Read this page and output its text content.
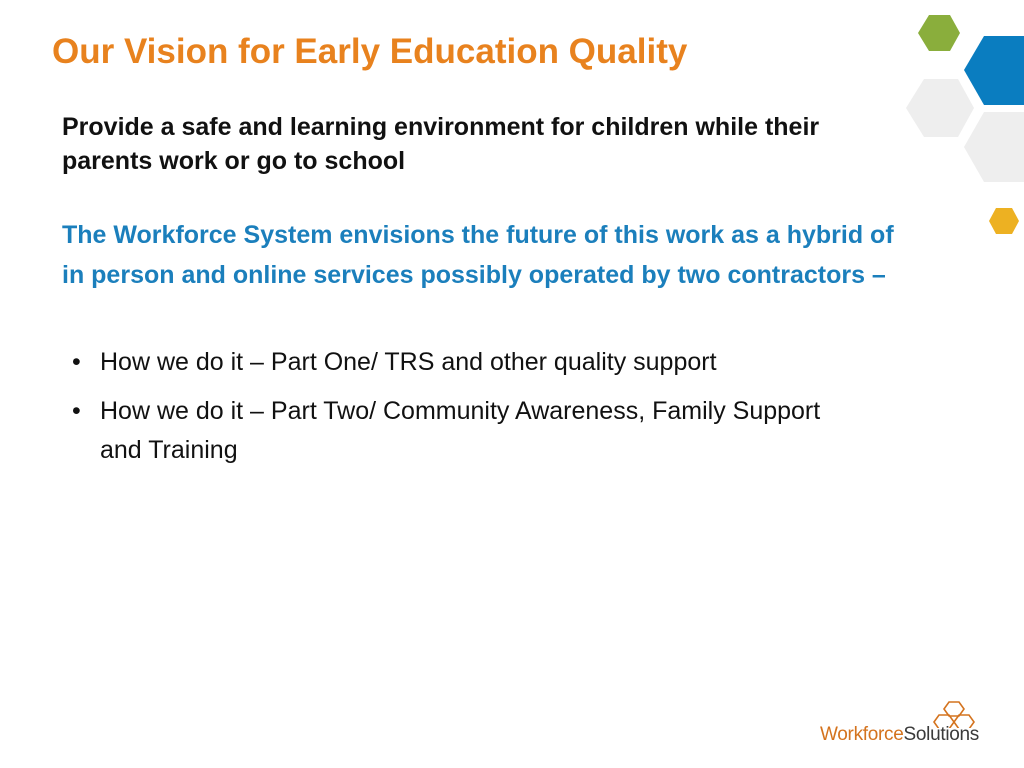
Our Vision for Early Education Quality

Provide a safe and learning environment for children while their parents work or go to school

The Workforce System envisions the future of this work as a hybrid of in person and online services possibly operated by two contractors –

• How we do it – Part One/ TRS and other quality support
• How we do it – Part Two/ Community Awareness, Family Support and Training
WorkforceSolutions
